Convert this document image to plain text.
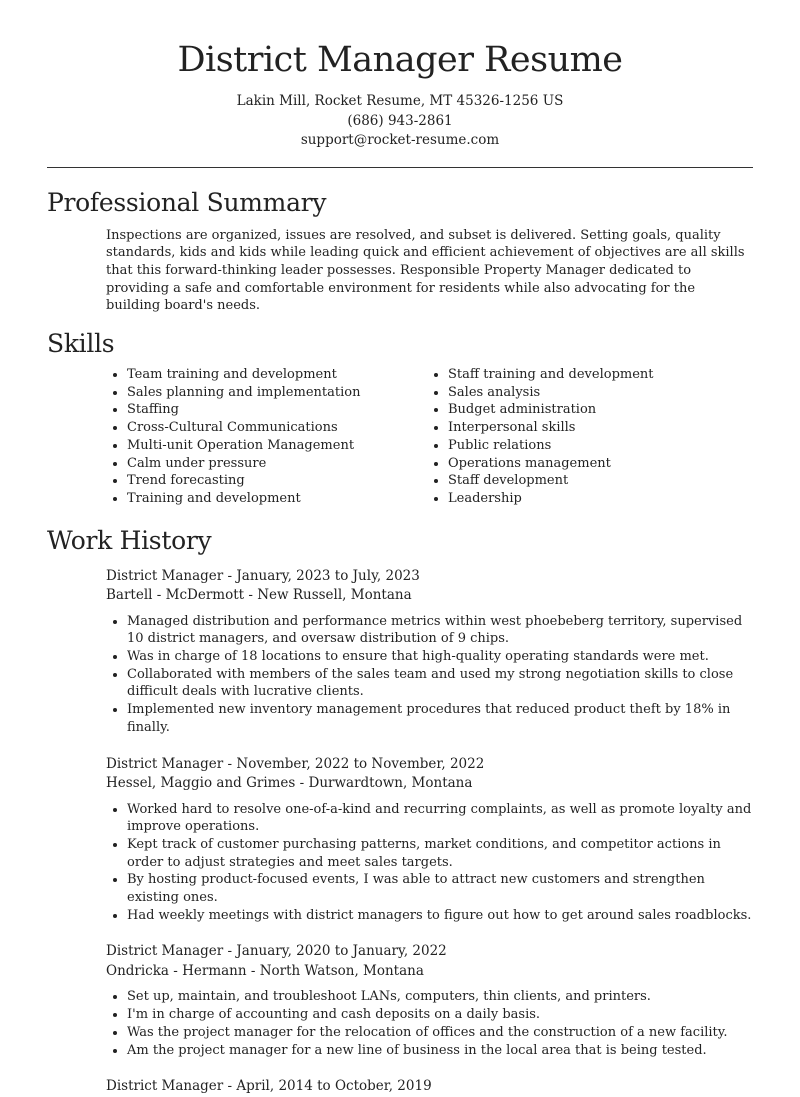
District Manager Resume
Lakin Mill, Rocket Resume, MT 45326-1256 US
(686) 943-2861
support@rocket-resume.com
Professional Summary

Inspections are organized, issues are resolved, and subset is delivered. Setting goals, quality standards, kids and kids while leading quick and efficient achievement of objectives are all skills that this forward-thinking leader possesses. Responsible Property Manager dedicated to providing a safe and comfortable environment for residents while also advocating for the building board's needs.

Skills
• Team training and development
• Sales planning and implementation
• Staffing
• Cross-Cultural Communications
• Multi-unit Operation Management
• Calm under pressure
• Trend forecasting
• Training and development
• Staff training and development
• Sales analysis
• Budget administration
• Interpersonal skills
• Public relations
• Operations management
• Staff development
• Leadership
Work History
District Manager - January, 2023 to July, 2023
Bartell - McDermott - New Russell, Montana
• Managed distribution and performance metrics within west phoebeberg territory, supervised 10 district managers, and oversaw distribution of 9 chips.
• Was in charge of 18 locations to ensure that high-quality operating standards were met.
• Collaborated with members of the sales team and used my strong negotiation skills to close difficult deals with lucrative clients.
• Implemented new inventory management procedures that reduced product theft by 18% in finally.
District Manager - November, 2022 to November, 2022
Hessel, Maggio and Grimes - Durwardtown, Montana
• Worked hard to resolve one-of-a-kind and recurring complaints, as well as promote loyalty and improve operations.
• Kept track of customer purchasing patterns, market conditions, and competitor actions in order to adjust strategies and meet sales targets.
• By hosting product-focused events, I was able to attract new customers and strengthen existing ones.
• Had weekly meetings with district managers to figure out how to get around sales roadblocks.
District Manager - January, 2020 to January, 2022
Ondricka - Hermann - North Watson, Montana
• Set up, maintain, and troubleshoot LANs, computers, thin clients, and printers.
• I'm in charge of accounting and cash deposits on a daily basis.
• Was the project manager for the relocation of offices and the construction of a new facility.
• Am the project manager for a new line of business in the local area that is being tested.
District Manager - April, 2014 to October, 2019
